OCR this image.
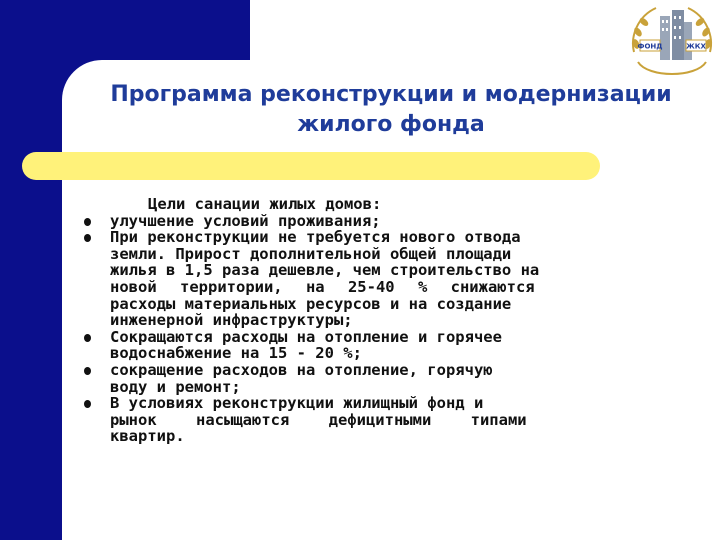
ФОНД	ЖКХ
Программа реконструкции и модернизации
жилого фонда
Цели санации жилых домов:
улучшение условий проживания;
При реконструкции не требуется нового отвода
земли. Прирост дополнительной общей площади
жилья в 1,5 раза дешевле, чем строительство на
новой территории, на 25-40 % снижаются
расходы материальных ресурсов и на создание
инженерной инфраструктуры;
Сокращаются расходы на отопление и горячее
водоснабжение на 15 - 20 %;
сокращение расходов на отопление, горячую
воду и ремонт;
В условиях реконструкции жилищный фонд и
рынок насыщаются дефицитными типами
квартир.
